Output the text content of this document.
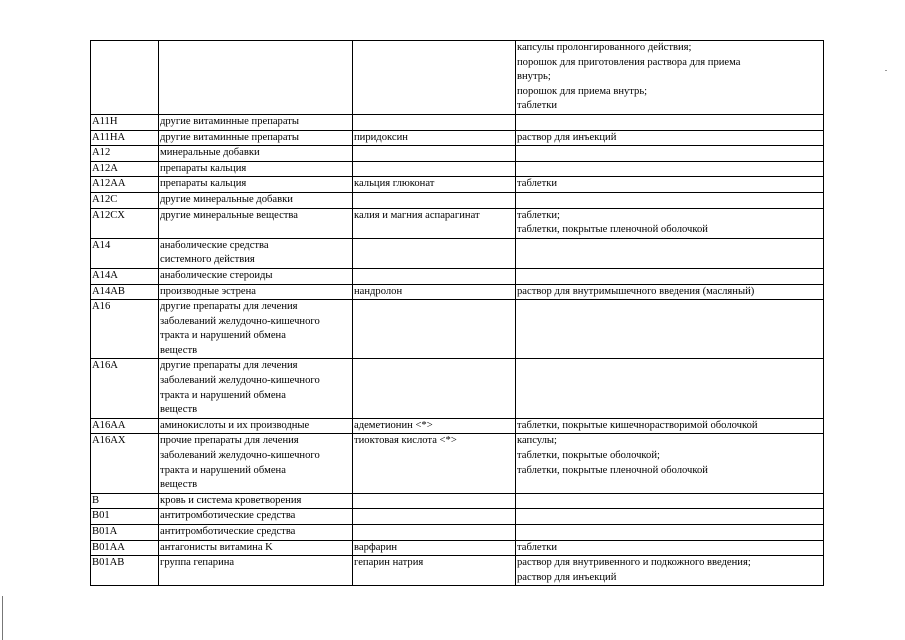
			капсулы пролонгированного действия;
порошок для приготовления раствора для приема
внутрь;
порошок для приема внутрь;
таблетки

A11H	другие витаминные препараты		
A11HA	другие витаминные препараты	пиридоксин	раствор для инъекций

A12	минеральные добавки		
A12A	препараты кальция		
A12AA	препараты кальция	кальция глюконат	таблетки

A12C	другие минеральные добавки		
A12CX	другие минеральные вещества	калия и магния аспарагинат	таблетки;
таблетки, покрытые пленочной оболочкой

A14	анаболические средства
системного действия		

A14A	анаболические стероиды		
A14AB	производные эстрена	нандролон	раствор для внутримышечного введения (масляный)

A16	другие препараты для лечения
заболеваний желудочно-кишечного
тракта и нарушений обмена
веществ		

A16A	другие препараты для лечения
заболеваний желудочно-кишечного
тракта и нарушений обмена
веществ		

A16AA	аминокислоты и их производные	адеметионин <*>	таблетки, покрытые кишечнорастворимой оболочкой

A16AX	прочие препараты для лечения
заболеваний желудочно-кишечного
тракта и нарушений обмена
веществ	тиоктовая кислота <*>	капсулы;
таблетки, покрытые оболочкой;
таблетки, покрытые пленочной оболочкой

B	кровь и система кроветворения		
B01	антитромботические средства		
B01A	антитромботические средства		
B01AA	антагонисты витамина K	варфарин	таблетки

B01AB	группа гепарина	гепарин натрия	раствор для внутривенного и подкожного введения;
раствор для инъекций
